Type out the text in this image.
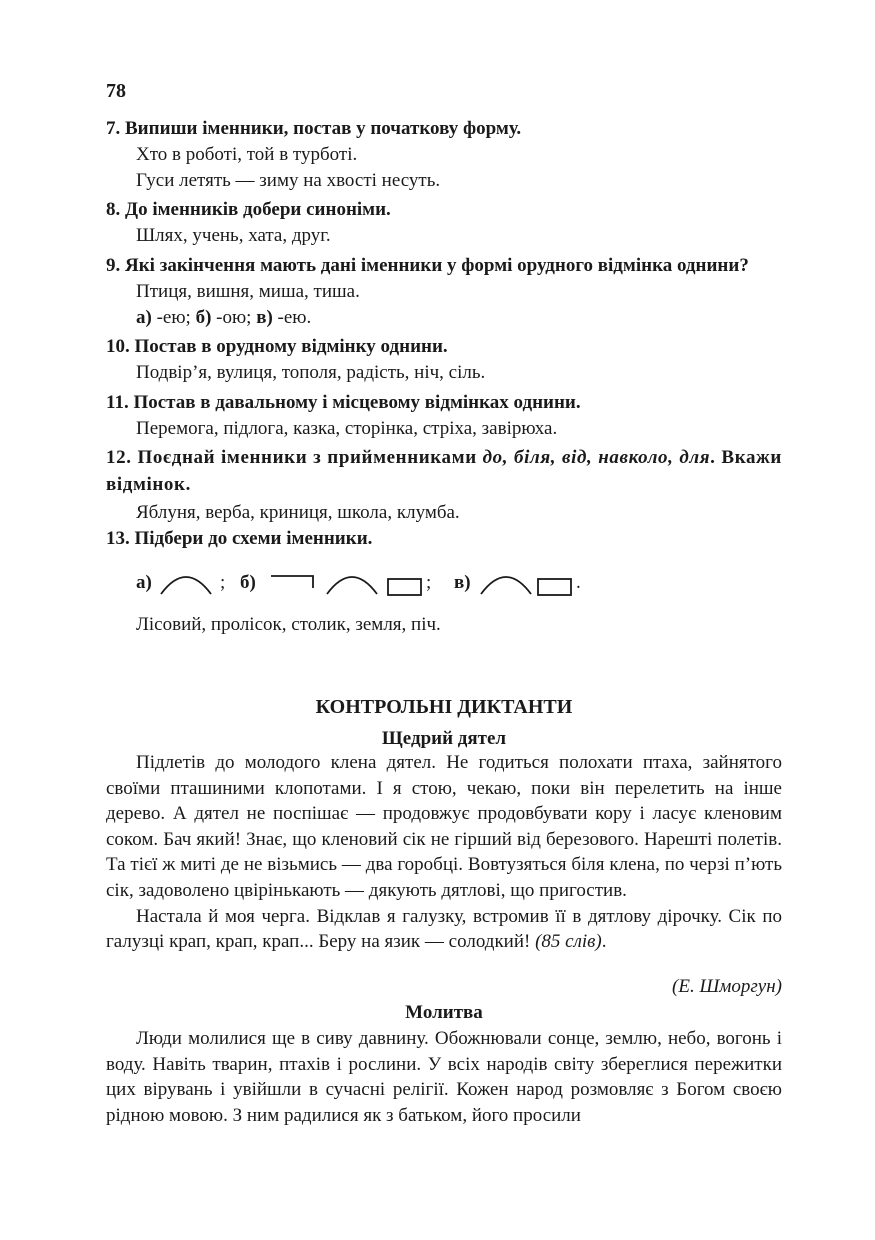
78
7. Випиши іменники, постав у початкову форму.
Хто в роботі, той в турботі.
Гуси летять — зиму на хвості несуть.
8. До іменників добери синоніми.
Шлях, учень, хата, друг.
9. Які закінчення мають дані іменники у формі орудного відмінка однини?
Птиця, вишня, миша, тиша.
а) -ею; б) -ою; в) -ею.
10. Постав в орудному відмінку однини.
Подвір’я, вулиця, тополя, радість, ніч, сіль.
11. Постав в давальному і місцевому відмінках однини.
Перемога, підлога, казка, сторінка, стріха, завірюха.
12. Поєднай іменники з прийменниками до, біля, від, навколо, для. Вкажи відмінок.
Яблуня, верба, криниця, школа, клумба.
13. Підбери до схеми іменники.
а)	; б)	; в)	.
Лісовий, пролісок, столик, земля, піч.
КОНТРОЛЬНІ ДИКТАНТИ
Щедрий дятел

Підлетів до молодого клена дятел. Не годиться полохати птаха, зайнятого своїми пташиними клопотами. І я стою, чекаю, поки він перелетить на інше дерево. А дятел не поспішає — продовжує продовбувати кору і ласує кленовим соком. Бач який! Знає, що кленовий сік не гірший від березового. Нарешті полетів. Та тієї ж миті де не візьмись — два горобці. Вовтузяться біля клена, по черзі п’ють сік, задоволено цвірінькають — дякують дятлові, що пригостив.

Настала й моя черга. Відклав я галузку, встромив її в дятлову дірочку. Сік по галузці крап, крап, крап... Беру на язик — солодкий! (85 слів).

(Е. Шморгун)
Молитва

Люди молилися ще в сиву давнину. Обожнювали сонце, землю, небо, вогонь і воду. Навіть тварин, птахів і рослини. У всіх народів світу збереглися пережитки цих вірувань і увійшли в сучасні релігії. Кожен народ розмовляє з Богом своєю рідною мовою. З ним радилися як з батьком, його просили
